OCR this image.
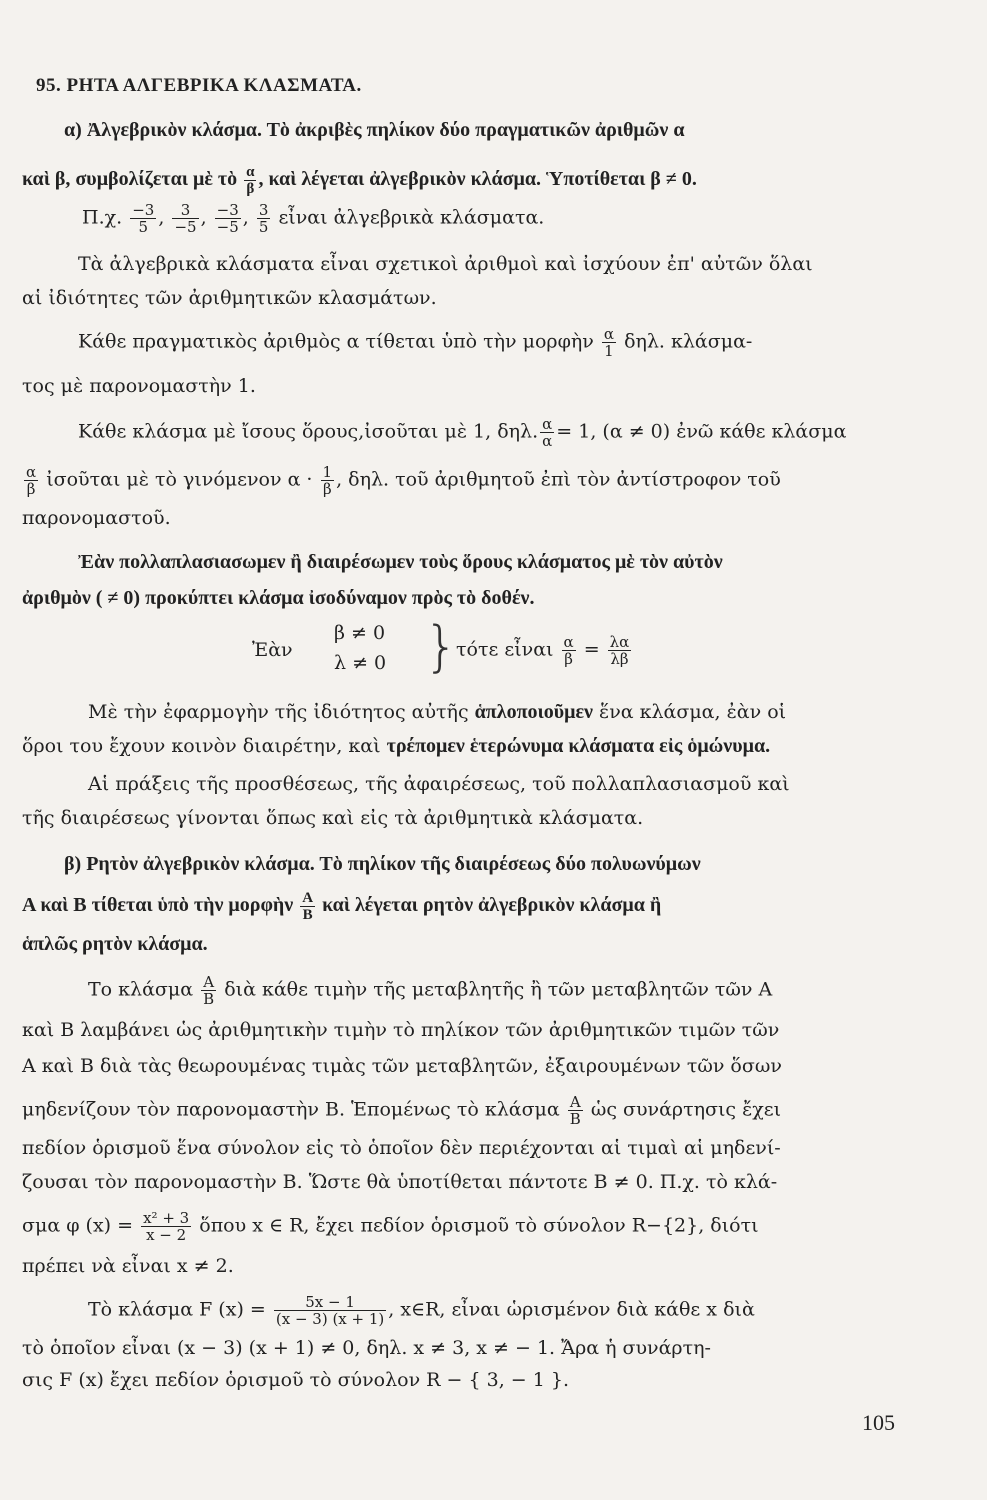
95. ΡΗΤΑ ΑΛΓΕΒΡΙΚΑ ΚΛΑΣΜΑΤΑ.
α) Ἀλγεβρικὸν κλάσμα. Τὸ ἀκριβὲς πηλίκον δύο πραγματικῶν ἀριθμῶν α
καὶ β, συμβολίζεται μὲ τὸ $\frac{\alpha}{\beta}$ , καὶ λέγεται ἀλγεβρικὸν κλάσμα. Ὑποτίθεται β ≠ 0.
Π.χ. $\frac{-3}{5}$ , $\frac{3}{-5}$ , $\frac{-3}{-5}$ , $\frac{3}{5}$ εἶναι ἀλγεβρικὰ κλάσματα.
Τὰ ἀλγεβρικὰ κλάσματα εἶναι σχετικοὶ ἀριθμοὶ καὶ ἰσχύουν ἐπ' αὐτῶν ὅλαι
αἱ ἰδιότητες τῶν ἀριθμητικῶν κλασμάτων.
Κάθε πραγματικὸς ἀριθμὸς α τίθεται ὑπὸ τὴν μορφὴν $\frac{\alpha}{1} \delta\eta\lambda$. κλάσμα-
τος μὲ παρονομαστὴν 1.
Κάθε κλάσμα μὲ ἴσους ὅρους,ἰσοῦται μὲ 1, δηλ. $\frac{\alpha}{\alpha} = 1$, (α ≠ 0) ἐνῶ κάθε κλάσμα
$\frac{\alpha}{\beta}$ ἰσοῦται μὲ τὸ γινόμενον $\alpha \cdot \frac{1}{\beta}$ , δηλ. τοῦ ἀριθμητοῦ ἐπὶ τὸν ἀντίστροφον τοῦ
παρονομαστοῦ.
Ἐὰν πολλαπλασιασωμεν ἢ διαιρέσωμεν τοὺς ὅρους κλάσματος μὲ τὸν αὐτὸν
ἀριθμὸν ( ≠ 0) προκύπτει κλάσμα ἰσοδύναμον πρὸς τὸ δοθέν.
Ἐὰν
β ≠ 0
λ ≠ 0 }
τότε εἶναι $\frac{\alpha}{\beta} = \frac{\lambda\alpha}{\lambda\beta}$
Μὲ τὴν ἐφαρμογὴν τῆς ἰδιότητος αὐτῆς ἁπλοποιοῦμεν ἕνα κλάσμα, ἐὰν οἱ
ὅροι του ἔχουν κοινὸν διαιρέτην, καὶ τρέπομεν ἑτερώνυμα κλάσματα εἰς ὁμώνυμα.
Αἱ πράξεις τῆς προσθέσεως, τῆς ἀφαιρέσεως, τοῦ πολλαπλασιασμοῦ καὶ
τῆς διαιρέσεως γίνονται ὅπως καὶ εἰς τὰ ἀριθμητικὰ κλάσματα.
β) Ρητὸν ἀλγεβρικὸν κλάσμα. Τὸ πηλίκον τῆς διαιρέσεως δύο πολυωνύμων
Α καὶ Β τίθεται ὑπὸ τὴν μορφὴν $\frac{A}{B}$ καὶ λέγεται ρητὸν ἀλγεβρικὸν κλάσμα ἢ
ἁπλῶς ρητὸν κλάσμα.
Το κλάσμα $\frac{A}{B}$ διὰ κάθε τιμὴν τῆς μεταβλητῆς ἢ τῶν μεταβλητῶν τῶν Α
καὶ Β λαμβάνει ὡς ἀριθμητικὴν τιμὴν τὸ πηλίκον τῶν ἀριθμητικῶν τιμῶν τῶν
Α καὶ Β διὰ τὰς θεωρουμένας τιμὰς τῶν μεταβλητῶν, ἐξαιρουμένων τῶν ὅσων
μηδενίζουν τὸν παρονομαστὴν Β. Ἑπομένως τὸ κλάσμα $\frac{A}{B}$ ὡς συνάρτησις ἔχει
πεδίον ὁρισμοῦ ἕνα σύνολον εἰς τὸ ὁποῖον δὲν περιέχονται αἱ τιμαὶ αἱ μηδενί-
ζουσαι τὸν παρονομαστὴν Β. Ὥστε θὰ ὑποτίθεται πάντοτε Β ≠ 0. Π.χ. τὸ κλά-
σμα φ $(x) = \frac{\text{x² + 3}}{x - 2}$ ὅπου x ∈ R, ἔχει πεδίον ὁρισμοῦ τὸ σύνολον R−{2}, διότι
πρέπει νὰ εἶναι x ≠ 2.
Τὸ κλάσμα F $(x) = \frac{5x - 1}{(x - 3) (x + 1)}$ , x∈R, εἶναι ὡρισμένον διὰ κάθε x διὰ
τὸ ὁποῖον εἶναι (x − 3) (x + 1) ≠ 0, δηλ. x ≠ 3, x ≠ − 1. Ἄρα ἡ συνάρτη-
σις F (x) ἔχει πεδίον ὁρισμοῦ τὸ σύνολον R − { 3, − 1 }.
105
